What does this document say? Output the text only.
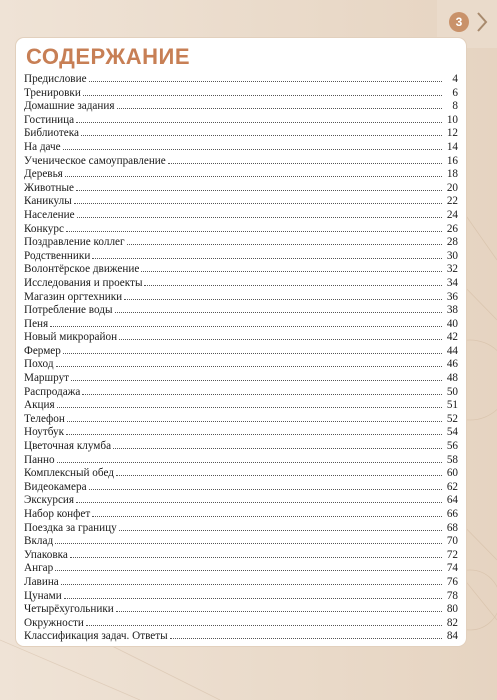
3
СОДЕРЖАНИЕ
Предисловие	4
Тренировки	6
Домашние задания	8
Гостиница	10
Библиотека	12
На даче	14
Ученическое самоуправление	16
Деревья	18
Животные	20
Каникулы	22
Население	24
Конкурс	26
Поздравление коллег	28
Родственники	30
Волонтёрское движение	32
Исследования и проекты	34
Магазин оргтехники	36
Потребление воды	38
Пеня	40
Новый микрорайон	42
Фермер	44
Поход	46
Маршрут	48
Распродажа	50
Акция	51
Телефон	52
Ноутбук	54
Цветочная клумба	56
Панно	58
Комплексный обед	60
Видеокамера	62
Экскурсия	64
Набор конфет	66
Поездка за границу	68
Вклад	70
Упаковка	72
Ангар	74
Лавина	76
Цунами	78
Четырёхугольники	80
Окружности	82
Классификация задач. Ответы	84
